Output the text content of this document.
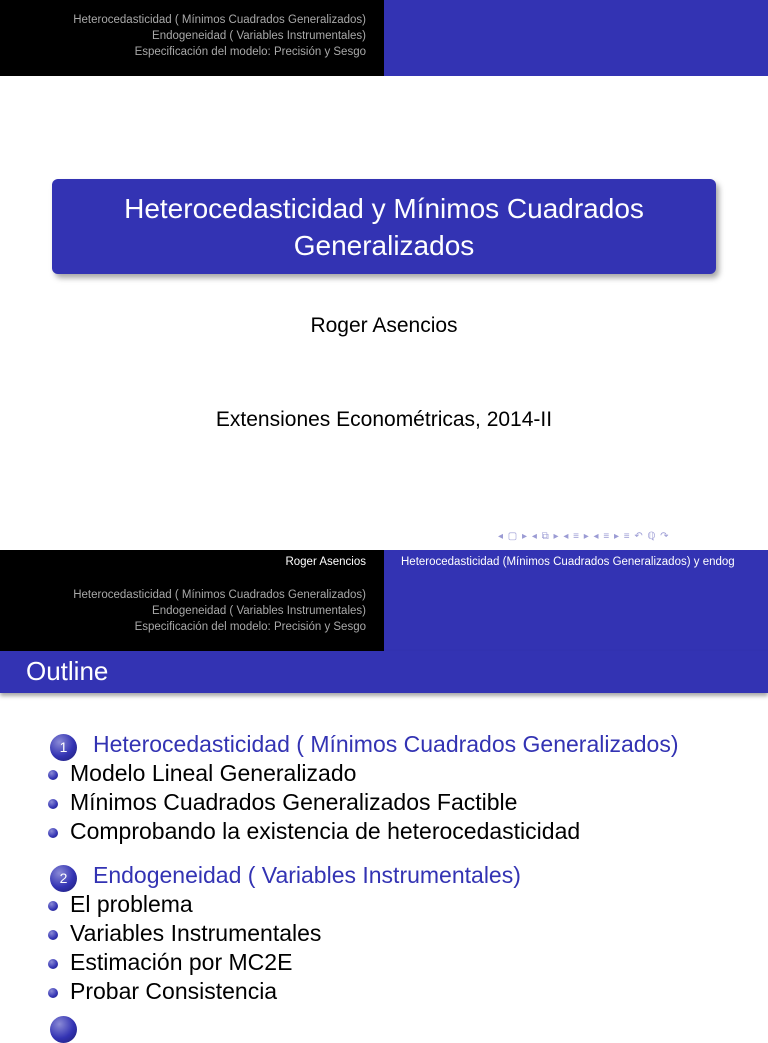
Heterocedasticidad ( Mínimos Cuadrados Generalizados)
Endogeneidad ( Variables Instrumentales)
Especificación del modelo: Precisión y Sesgo
Heterocedasticidad y Mínimos Cuadrados Generalizados
Roger Asencios
Extensiones Econométricas, 2014-II
◂ ▢ ▸ ◂ ⧉ ▸ ◂ ≡ ▸ ◂ ≡ ▸ ≡ ↶ ℚ ↷
Roger Asencios	Heterocedasticidad (Mínimos Cuadrados Generalizados) y endog
Heterocedasticidad ( Mínimos Cuadrados Generalizados)
Endogeneidad ( Variables Instrumentales)
Especificación del modelo: Precisión y Sesgo
Outline
1	Heterocedasticidad ( Mínimos Cuadrados Generalizados)
Modelo Lineal Generalizado
Mínimos Cuadrados Generalizados Factible
Comprobando la existencia de heterocedasticidad
2	Endogeneidad ( Variables Instrumentales)
El problema
Variables Instrumentales
Estimación por MC2E
Probar Consistencia
